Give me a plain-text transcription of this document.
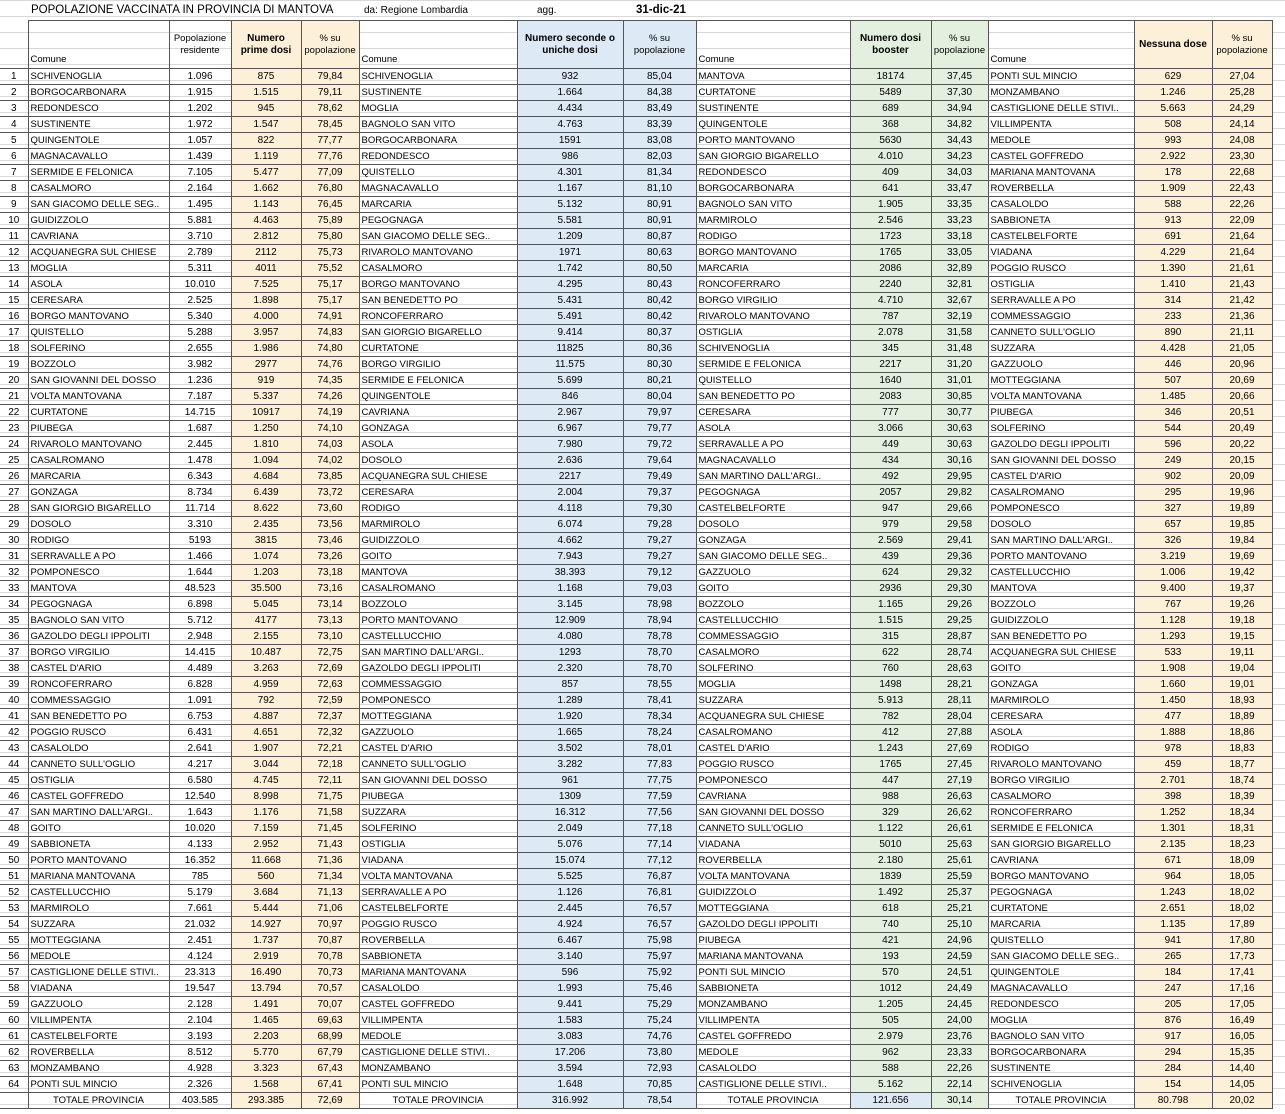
POPOLAZIONE VACCINATA IN PROVINCIA DI MANTOVA	da: Regione Lombardia	agg.	31-dic-21
	Comune	Popolazione residente	Numero prime dosi	% su popolazione	Comune	Numero seconde o uniche dosi	% su popolazione	Comune	Numero dosi booster	% su popolazione	Comune	Nessuna dose	% su popolazione
1	SCHIVENOGLIA	1.096	875	79,84	SCHIVENOGLIA	932	85,04	MANTOVA	18174	37,45	PONTI SUL MINCIO	629	27,04
2	BORGOCARBONARA	1.915	1.515	79,11	SUSTINENTE	1.664	84,38	CURTATONE	5489	37,30	MONZAMBANO	1.246	25,28
3	REDONDESCO	1.202	945	78,62	MOGLIA	4.434	83,49	SUSTINENTE	689	34,94	CASTIGLIONE DELLE STIVI..	5.663	24,29
4	SUSTINENTE	1.972	1.547	78,45	BAGNOLO SAN VITO	4.763	83,39	QUINGENTOLE	368	34,82	VILLIMPENTA	508	24,14
5	QUINGENTOLE	1.057	822	77,77	BORGOCARBONARA	1591	83,08	PORTO MANTOVANO	5630	34,43	MEDOLE	993	24,08
6	MAGNACAVALLO	1.439	1.119	77,76	REDONDESCO	986	82,03	SAN GIORGIO BIGARELLO	4.010	34,23	CASTEL GOFFREDO	2.922	23,30
7	SERMIDE E FELONICA	7.105	5.477	77,09	QUISTELLO	4.301	81,34	REDONDESCO	409	34,03	MARIANA MANTOVANA	178	22,68
8	CASALMORO	2.164	1.662	76,80	MAGNACAVALLO	1.167	81,10	BORGOCARBONARA	641	33,47	ROVERBELLA	1.909	22,43
9	SAN GIACOMO DELLE SEG..	1.495	1.143	76,45	MARCARIA	5.132	80,91	BAGNOLO SAN VITO	1.905	33,35	CASALOLDO	588	22,26
10	GUIDIZZOLO	5.881	4.463	75,89	PEGOGNAGA	5.581	80,91	MARMIROLO	2.546	33,23	SABBIONETA	913	22,09
11	CAVRIANA	3.710	2.812	75,80	SAN GIACOMO DELLE SEG..	1.209	80,87	RODIGO	1723	33,18	CASTELBELFORTE	691	21,64
12	ACQUANEGRA SUL CHIESE	2.789	2112	75,73	RIVAROLO MANTOVANO	1971	80,63	BORGO MANTOVANO	1765	33,05	VIADANA	4.229	21,64
13	MOGLIA	5.311	4011	75,52	CASALMORO	1.742	80,50	MARCARIA	2086	32,89	POGGIO RUSCO	1.390	21,61
14	ASOLA	10.010	7.525	75,17	BORGO MANTOVANO	4.295	80,43	RONCOFERRARO	2240	32,81	OSTIGLIA	1.410	21,43
15	CERESARA	2.525	1.898	75,17	SAN BENEDETTO PO	5.431	80,42	BORGO VIRGILIO	4.710	32,67	SERRAVALLE A PO	314	21,42
16	BORGO MANTOVANO	5.340	4.000	74,91	RONCOFERRARO	5.491	80,42	RIVAROLO MANTOVANO	787	32,19	COMMESSAGGIO	233	21,36
17	QUISTELLO	5.288	3.957	74,83	SAN GIORGIO BIGARELLO	9.414	80,37	OSTIGLIA	2.078	31,58	CANNETO SULL'OGLIO	890	21,11
18	SOLFERINO	2.655	1.986	74,80	CURTATONE	11825	80,36	SCHIVENOGLIA	345	31,48	SUZZARA	4.428	21,05
19	BOZZOLO	3.982	2977	74,76	BORGO VIRGILIO	11.575	80,30	SERMIDE E FELONICA	2217	31,20	GAZZUOLO	446	20,96
20	SAN GIOVANNI DEL DOSSO	1.236	919	74,35	SERMIDE E FELONICA	5.699	80,21	QUISTELLO	1640	31,01	MOTTEGGIANA	507	20,69
21	VOLTA MANTOVANA	7.187	5.337	74,26	QUINGENTOLE	846	80,04	SAN BENEDETTO PO	2083	30,85	VOLTA MANTOVANA	1.485	20,66
22	CURTATONE	14.715	10917	74,19	CAVRIANA	2.967	79,97	CERESARA	777	30,77	PIUBEGA	346	20,51
23	PIUBEGA	1.687	1.250	74,10	GONZAGA	6.967	79,77	ASOLA	3.066	30,63	SOLFERINO	544	20,49
24	RIVAROLO MANTOVANO	2.445	1.810	74,03	ASOLA	7.980	79,72	SERRAVALLE A PO	449	30,63	GAZOLDO DEGLI IPPOLITI	596	20,22
25	CASALROMANO	1.478	1.094	74,02	DOSOLO	2.636	79,64	MAGNACAVALLO	434	30,16	SAN GIOVANNI DEL DOSSO	249	20,15
26	MARCARIA	6.343	4.684	73,85	ACQUANEGRA SUL CHIESE	2217	79,49	SAN MARTINO DALL'ARGI..	492	29,95	CASTEL D'ARIO	902	20,09
27	GONZAGA	8.734	6.439	73,72	CERESARA	2.004	79,37	PEGOGNAGA	2057	29,82	CASALROMANO	295	19,96
28	SAN GIORGIO BIGARELLO	11.714	8.622	73,60	RODIGO	4.118	79,30	CASTELBELFORTE	947	29,66	POMPONESCO	327	19,89
29	DOSOLO	3.310	2.435	73,56	MARMIROLO	6.074	79,28	DOSOLO	979	29,58	DOSOLO	657	19,85
30	RODIGO	5193	3815	73,46	GUIDIZZOLO	4.662	79,27	GONZAGA	2.569	29,41	SAN MARTINO DALL'ARGI..	326	19,84
31	SERRAVALLE A PO	1.466	1.074	73,26	GOITO	7.943	79,27	SAN GIACOMO DELLE SEG..	439	29,36	PORTO MANTOVANO	3.219	19,69
32	POMPONESCO	1.644	1.203	73,18	MANTOVA	38.393	79,12	GAZZUOLO	624	29,32	CASTELLUCCHIO	1.006	19,42
33	MANTOVA	48.523	35.500	73,16	CASALROMANO	1.168	79,03	GOITO	2936	29,30	MANTOVA	9.400	19,37
34	PEGOGNAGA	6.898	5.045	73,14	BOZZOLO	3.145	78,98	BOZZOLO	1.165	29,26	BOZZOLO	767	19,26
35	BAGNOLO SAN VITO	5.712	4177	73,13	PORTO MANTOVANO	12.909	78,94	CASTELLUCCHIO	1.515	29,25	GUIDIZZOLO	1.128	19,18
36	GAZOLDO DEGLI IPPOLITI	2.948	2.155	73,10	CASTELLUCCHIO	4.080	78,78	COMMESSAGGIO	315	28,87	SAN BENEDETTO PO	1.293	19,15
37	BORGO VIRGILIO	14.415	10.487	72,75	SAN MARTINO DALL'ARGI..	1293	78,70	CASALMORO	622	28,74	ACQUANEGRA SUL CHIESE	533	19,11
38	CASTEL D'ARIO	4.489	3.263	72,69	GAZOLDO DEGLI IPPOLITI	2.320	78,70	SOLFERINO	760	28,63	GOITO	1.908	19,04
39	RONCOFERRARO	6.828	4.959	72,63	COMMESSAGGIO	857	78,55	MOGLIA	1498	28,21	GONZAGA	1.660	19,01
40	COMMESSAGGIO	1.091	792	72,59	POMPONESCO	1.289	78,41	SUZZARA	5.913	28,11	MARMIROLO	1.450	18,93
41	SAN BENEDETTO PO	6.753	4.887	72,37	MOTTEGGIANA	1.920	78,34	ACQUANEGRA SUL CHIESE	782	28,04	CERESARA	477	18,89
42	POGGIO RUSCO	6.431	4.651	72,32	GAZZUOLO	1.665	78,24	CASALROMANO	412	27,88	ASOLA	1.888	18,86
43	CASALOLDO	2.641	1.907	72,21	CASTEL D'ARIO	3.502	78,01	CASTEL D'ARIO	1.243	27,69	RODIGO	978	18,83
44	CANNETO SULL'OGLIO	4.217	3.044	72,18	CANNETO SULL'OGLIO	3.282	77,83	POGGIO RUSCO	1765	27,45	RIVAROLO MANTOVANO	459	18,77
45	OSTIGLIA	6.580	4.745	72,11	SAN GIOVANNI DEL DOSSO	961	77,75	POMPONESCO	447	27,19	BORGO VIRGILIO	2.701	18,74
46	CASTEL GOFFREDO	12.540	8.998	71,75	PIUBEGA	1309	77,59	CAVRIANA	988	26,63	CASALMORO	398	18,39
47	SAN MARTINO DALL'ARGI..	1.643	1.176	71,58	SUZZARA	16.312	77,56	SAN GIOVANNI DEL DOSSO	329	26,62	RONCOFERRARO	1.252	18,34
48	GOITO	10.020	7.159	71,45	SOLFERINO	2.049	77,18	CANNETO SULL'OGLIO	1.122	26,61	SERMIDE E FELONICA	1.301	18,31
49	SABBIONETA	4.133	2.952	71,43	OSTIGLIA	5.076	77,14	VIADANA	5010	25,63	SAN GIORGIO BIGARELLO	2.135	18,23
50	PORTO MANTOVANO	16.352	11.668	71,36	VIADANA	15.074	77,12	ROVERBELLA	2.180	25,61	CAVRIANA	671	18,09
51	MARIANA MANTOVANA	785	560	71,34	VOLTA MANTOVANA	5.525	76,87	VOLTA MANTOVANA	1839	25,59	BORGO MANTOVANO	964	18,05
52	CASTELLUCCHIO	5.179	3.684	71,13	SERRAVALLE A PO	1.126	76,81	GUIDIZZOLO	1.492	25,37	PEGOGNAGA	1.243	18,02
53	MARMIROLO	7.661	5.444	71,06	CASTELBELFORTE	2.445	76,57	MOTTEGGIANA	618	25,21	CURTATONE	2.651	18,02
54	SUZZARA	21.032	14.927	70,97	POGGIO RUSCO	4.924	76,57	GAZOLDO DEGLI IPPOLITI	740	25,10	MARCARIA	1.135	17,89
55	MOTTEGGIANA	2.451	1.737	70,87	ROVERBELLA	6.467	75,98	PIUBEGA	421	24,96	QUISTELLO	941	17,80
56	MEDOLE	4.124	2.919	70,78	SABBIONETA	3.140	75,97	MARIANA MANTOVANA	193	24,59	SAN GIACOMO DELLE SEG..	265	17,73
57	CASTIGLIONE DELLE STIVI..	23.313	16.490	70,73	MARIANA MANTOVANA	596	75,92	PONTI SUL MINCIO	570	24,51	QUINGENTOLE	184	17,41
58	VIADANA	19.547	13.794	70,57	CASALOLDO	1.993	75,46	SABBIONETA	1012	24,49	MAGNACAVALLO	247	17,16
59	GAZZUOLO	2.128	1.491	70,07	CASTEL GOFFREDO	9.441	75,29	MONZAMBANO	1.205	24,45	REDONDESCO	205	17,05
60	VILLIMPENTA	2.104	1.465	69,63	VILLIMPENTA	1.583	75,24	VILLIMPENTA	505	24,00	MOGLIA	876	16,49
61	CASTELBELFORTE	3.193	2.203	68,99	MEDOLE	3.083	74,76	CASTEL GOFFREDO	2.979	23,76	BAGNOLO SAN VITO	917	16,05
62	ROVERBELLA	8.512	5.770	67,79	CASTIGLIONE DELLE STIVI..	17.206	73,80	MEDOLE	962	23,33	BORGOCARBONARA	294	15,35
63	MONZAMBANO	4.928	3.323	67,43	MONZAMBANO	3.594	72,93	CASALOLDO	588	22,26	SUSTINENTE	284	14,40
64	PONTI SUL MINCIO	2.326	1.568	67,41	PONTI SUL MINCIO	1.648	70,85	CASTIGLIONE DELLE STIVI..	5.162	22,14	SCHIVENOGLIA	154	14,05
	TOTALE PROVINCIA	403.585	293.385	72,69	TOTALE PROVINCIA	316.992	78,54	TOTALE PROVINCIA	121.656	30,14	TOTALE PROVINCIA	80.798	20,02
